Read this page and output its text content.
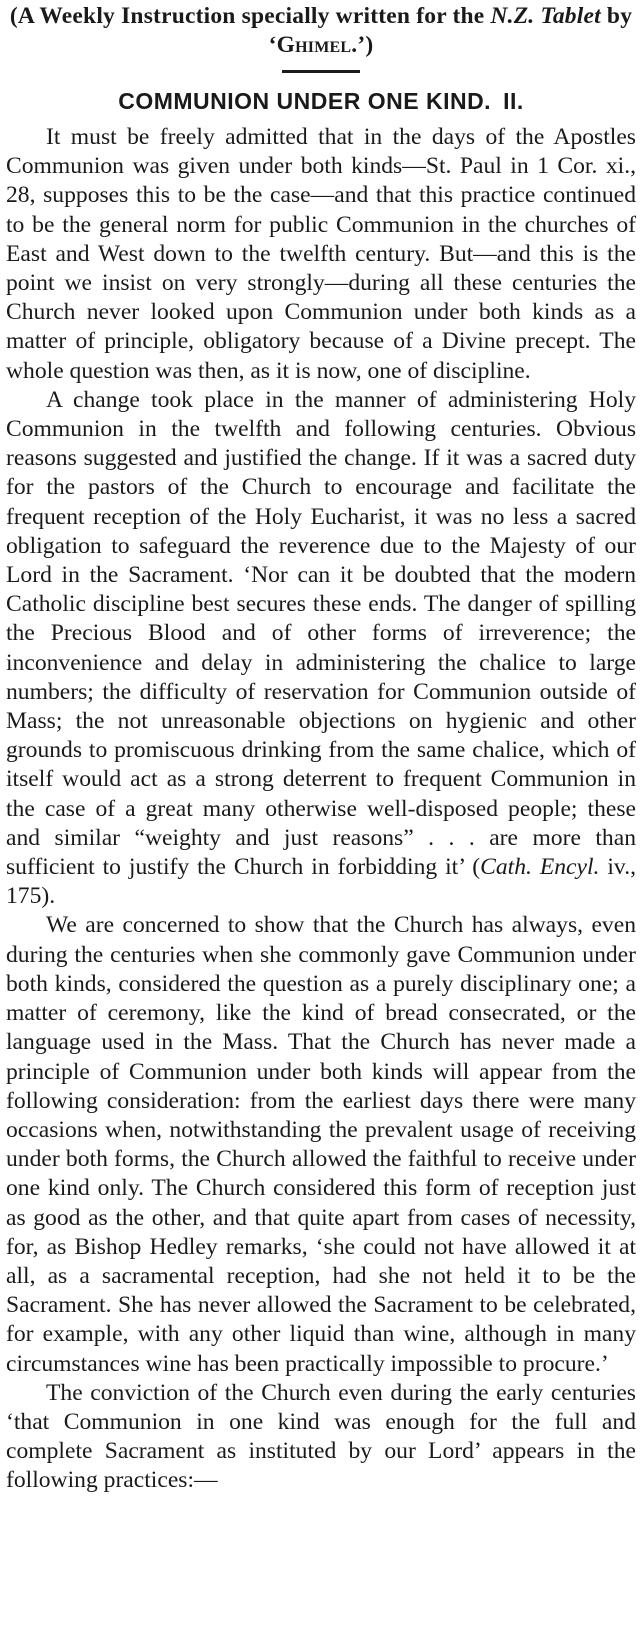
(A Weekly Instruction specially written for the N.Z. Tablet by ‘Ghimel.’)

COMMUNION UNDER ONE KIND. II.

It must be freely admitted that in the days of the Apostles Communion was given under both kinds—St. Paul in 1 Cor. xi., 28, supposes this to be the case—and that this practice continued to be the general norm for public Communion in the churches of East and West down to the twelfth century. But—and this is the point we insist on very strongly—during all these centuries the Church never looked upon Communion under both kinds as a matter of principle, obligatory because of a Divine precept. The whole question was then, as it is now, one of discipline.

A change took place in the manner of administering Holy Communion in the twelfth and following centuries. Obvious reasons suggested and justified the change. If it was a sacred duty for the pastors of the Church to encourage and facilitate the frequent reception of the Holy Eucharist, it was no less a sacred obligation to safeguard the reverence due to the Majesty of our Lord in the Sacrament. ‘Nor can it be doubted that the modern Catholic discipline best secures these ends. The danger of spilling the Precious Blood and of other forms of irreverence; the inconvenience and delay in administering the chalice to large numbers; the difficulty of reservation for Communion outside of Mass; the not unreasonable objections on hygienic and other grounds to promiscuous drinking from the same chalice, which of itself would act as a strong deterrent to frequent Communion in the case of a great many otherwise well-disposed people; these and similar “weighty and just reasons” . . . are more than sufficient to justify the Church in forbidding it’ (Cath. Encyl. iv., 175).

We are concerned to show that the Church has always, even during the centuries when she commonly gave Communion under both kinds, considered the question as a purely disciplinary one; a matter of ceremony, like the kind of bread consecrated, or the language used in the Mass. That the Church has never made a principle of Communion under both kinds will appear from the following consideration: from the earliest days there were many occasions when, notwithstanding the prevalent usage of receiving under both forms, the Church allowed the faithful to receive under one kind only. The Church considered this form of reception just as good as the other, and that quite apart from cases of necessity, for, as Bishop Hedley remarks, ‘she could not have allowed it at all, as a sacramental reception, had she not held it to be the Sacrament. She has never allowed the Sacrament to be celebrated, for example, with any other liquid than wine, although in many circumstances wine has been practically impossible to procure.’

The conviction of the Church even during the early centuries ‘that Communion in one kind was enough for the full and complete Sacrament as instituted by our Lord’ appears in the following practices:—
